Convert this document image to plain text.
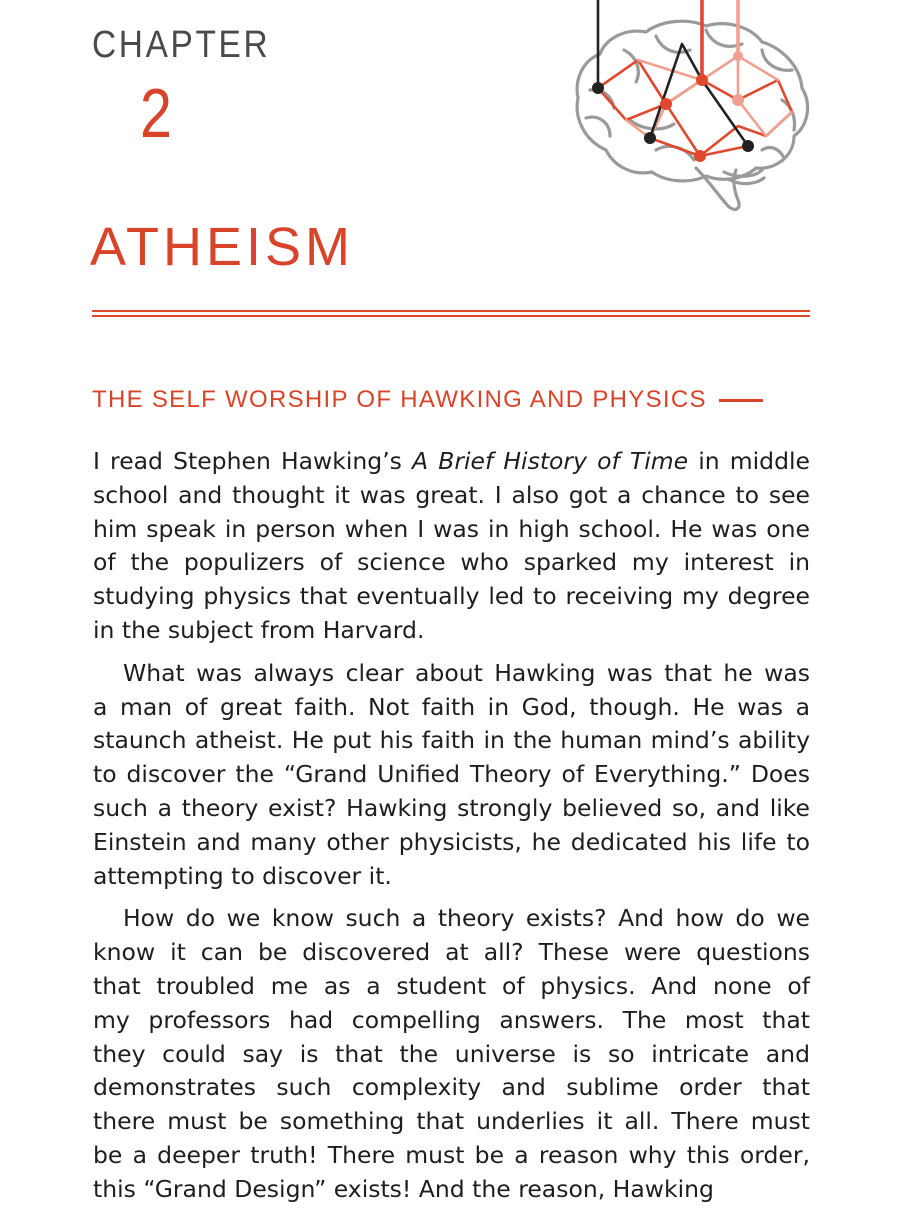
CHAPTER
2
ATHEISM
THE SELF WORSHIP OF HAWKING AND PHYSICS

I read Stephen Hawking’s A Brief History of Time in middle
school and thought it was great. I also got a chance to see
him speak in person when I was in high school. He was one
of the populizers of science who sparked my interest in
studying physics that eventually led to receiving my degree
in the subject from Harvard.

What was always clear about Hawking was that he was
a man of great faith. Not faith in God, though. He was a
staunch atheist. He put his faith in the human mind’s ability
to discover the “Grand Unified Theory of Everything.” Does
such a theory exist? Hawking strongly believed so, and like
Einstein and many other physicists, he dedicated his life to
attempting to discover it.

How do we know such a theory exists? And how do we
know it can be discovered at all? These were questions
that troubled me as a student of physics. And none of
my professors had compelling answers. The most that
they could say is that the universe is so intricate and
demonstrates such complexity and sublime order that
there must be something that underlies it all. There must
be a deeper truth! There must be a reason why this order,
this “Grand Design” exists! And the reason, Hawking
